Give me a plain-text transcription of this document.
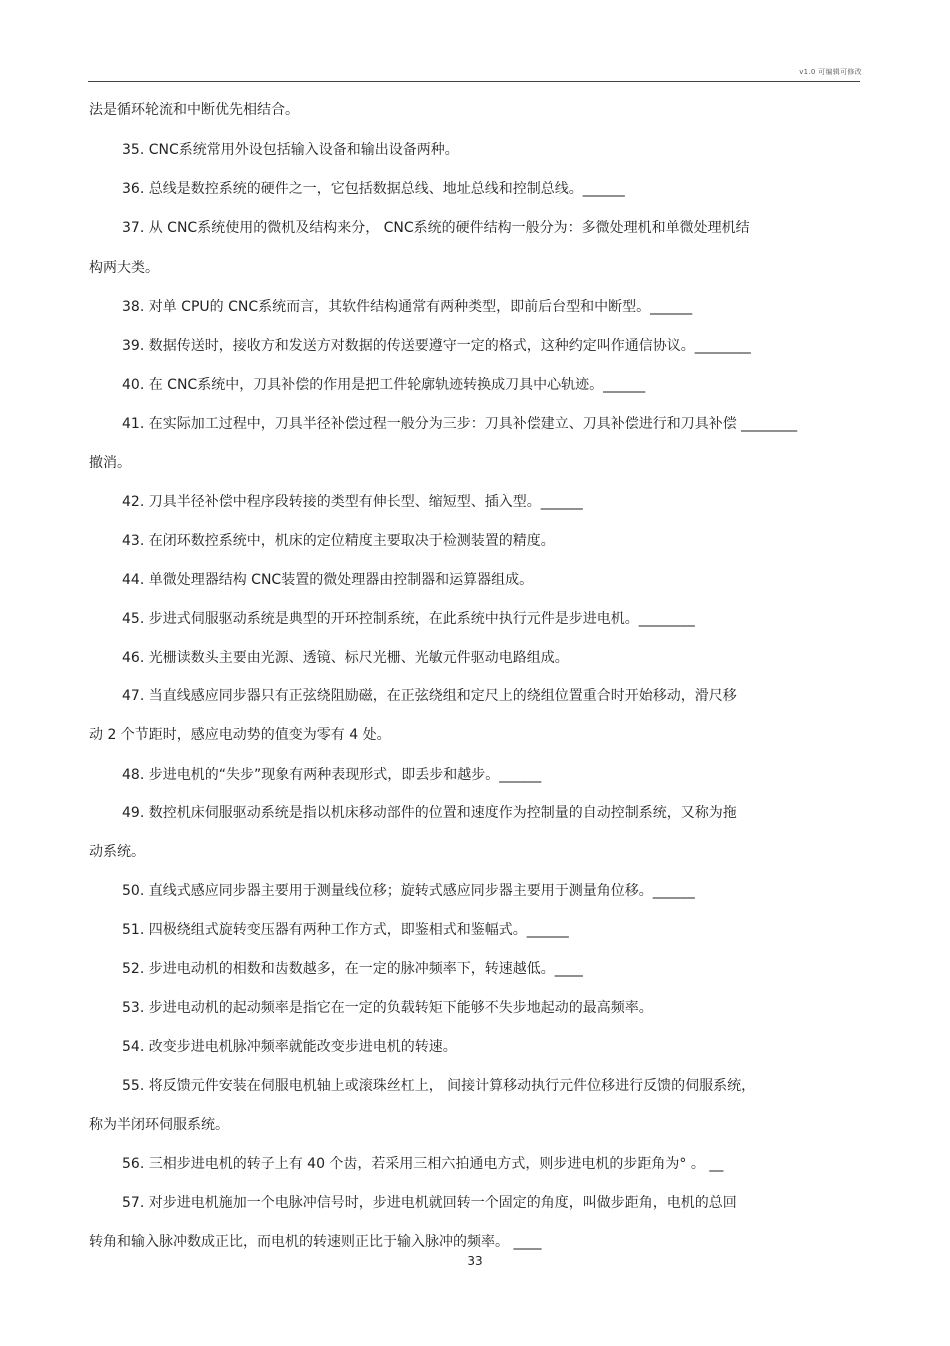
v1.0 可编辑可修改
法是循环轮流和中断优先相结合。
35. CNC系统常用外设包括输入设备和输出设备两种。
36. 总线是数控系统的硬件之一，它包括数据总线、地址总线和控制总线。______
37. 从 CNC系统使用的微机及结构来分， CNC系统的硬件结构一般分为：多微处理机和单微处理机结
构两大类。
38. 对单 CPU的 CNC系统而言，其软件结构通常有两种类型，即前后台型和中断型。______
39. 数据传送时，接收方和发送方对数据的传送要遵守一定的格式，这种约定叫作通信协议。________
40. 在 CNC系统中，刀具补偿的作用是把工件轮廓轨迹转换成刀具中心轨迹。______
41. 在实际加工过程中，刀具半径补偿过程一般分为三步：刀具补偿建立、刀具补偿进行和刀具补偿 ________
撤消。
42. 刀具半径补偿中程序段转接的类型有伸长型、缩短型、插入型。______
43. 在闭环数控系统中，机床的定位精度主要取决于检测装置的精度。
44. 单微处理器结构 CNC装置的微处理器由控制器和运算器组成。
45. 步进式伺服驱动系统是典型的开环控制系统，在此系统中执行元件是步进电机。________
46. 光栅读数头主要由光源、透镜、标尺光栅、光敏元件驱动电路组成。
47. 当直线感应同步器只有正弦绕阻励磁，在正弦绕组和定尺上的绕组位置重合时开始移动，滑尺移
动 2 个节距时，感应电动势的值变为零有 4 处。
48. 步进电机的“失步”现象有两种表现形式，即丢步和越步。______
49. 数控机床伺服驱动系统是指以机床移动部件的位置和速度作为控制量的自动控制系统，又称为拖
动系统。
50. 直线式感应同步器主要用于测量线位移；旋转式感应同步器主要用于测量角位移。______
51. 四极绕组式旋转变压器有两种工作方式，即鉴相式和鉴幅式。______
52. 步进电动机的相数和齿数越多，在一定的脉冲频率下，转速越低。____
53. 步进电动机的起动频率是指它在一定的负载转矩下能够不失步地起动的最高频率。
54. 改变步进电机脉冲频率就能改变步进电机的转速。
55. 将反馈元件安装在伺服电机轴上或滚珠丝杠上， 间接计算移动执行元件位移进行反馈的伺服系统，
称为半闭环伺服系统。
56. 三相步进电机的转子上有 40 个齿，若采用三相六拍通电方式，则步进电机的步距角为° 。 __
57. 对步进电机施加一个电脉冲信号时，步进电机就回转一个固定的角度，叫做步距角，电机的总回
转角和输入脉冲数成正比，而电机的转速则正比于输入脉冲的频率。 ____
33
